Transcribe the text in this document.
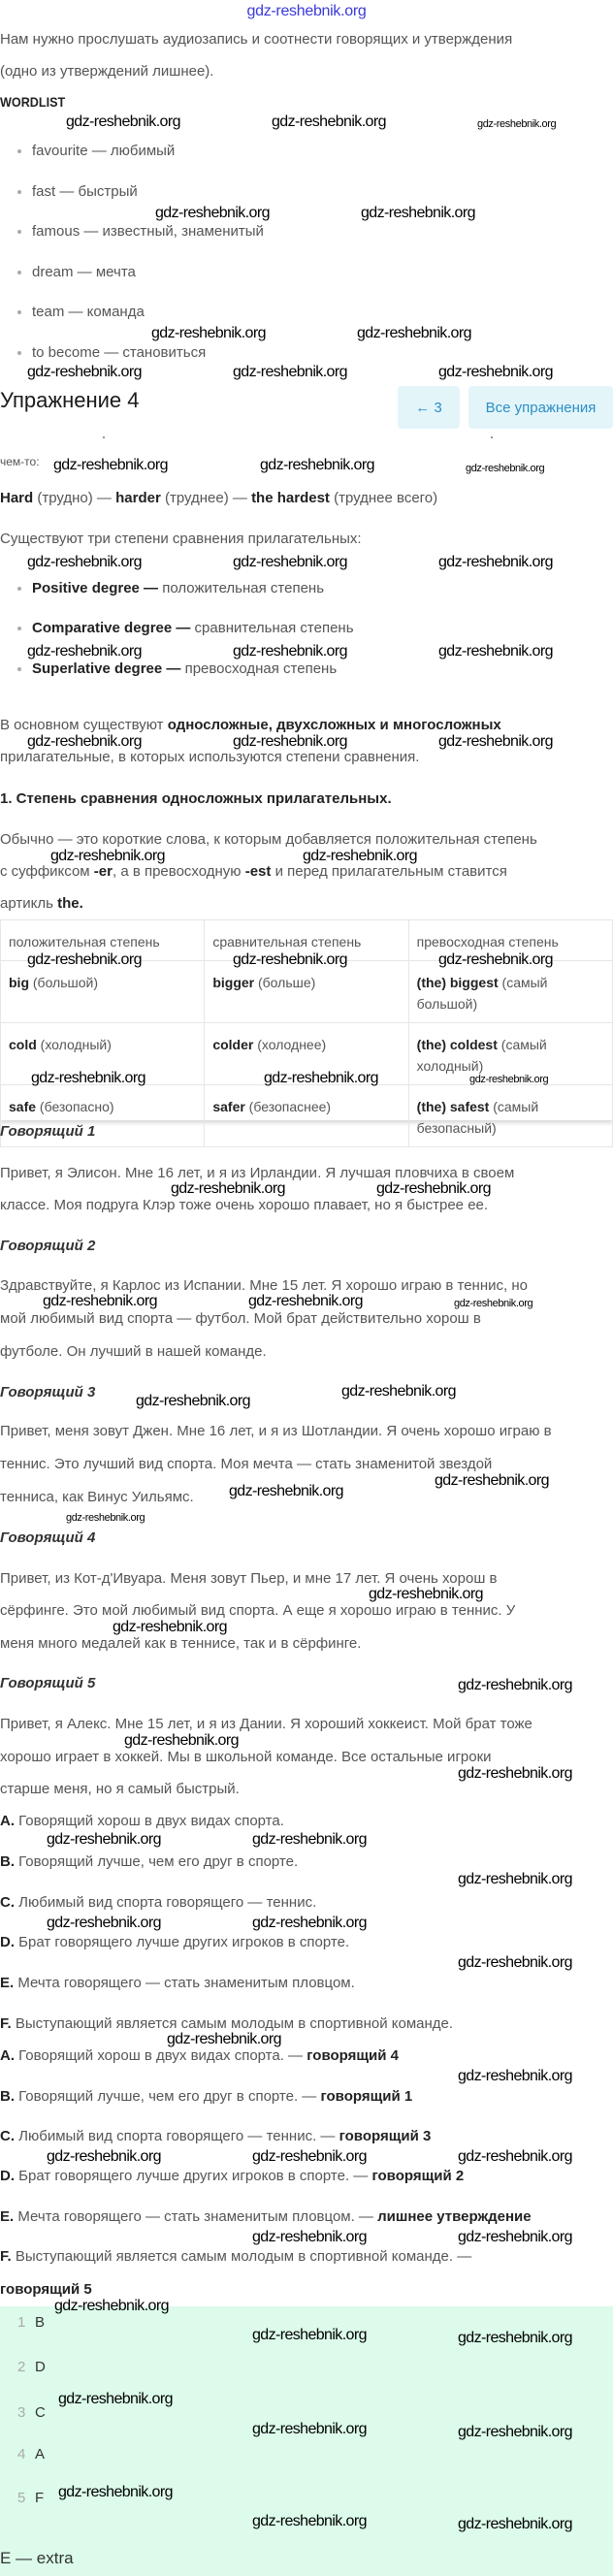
gdz-reshebnik.org
Нам нужно прослушать аудиозапись и соотнести говорящих и утверждения
(одно из утверждений лишнее).
WORDLIST
favourite — любимый
fast — быстрый
famous — известный, знаменитый
dream — мечта
team — команда
to become — становиться
Упражнение 4	← 3	Все упражнения
чем-то:
Hard (трудно) — harder (труднее) — the hardest (труднее всего)
Существуют три степени сравнения прилагательных:
Positive degree — положительная степень
Comparative degree — сравнительная степень
Superlative degree — превосходная степень
В основном существуют односложные, двухсложных и многосложных
прилагательные, в которых используются степени сравнения.
1. Степень сравнения односложных прилагательных.
Обычно — это короткие слова, к которым добавляется положительная степень
с суффиксом -er, а в превосходную -est и перед прилагательным ставится
артикль the.
положительная степень	сравнительная степень	превосходная степень
big (большой)	bigger (больше)	(the) biggest (самый большой)
cold (холодный)	colder (холоднее)	(the) coldest (самый холодный)
safe (безопасно)	safer (безопаснее)	(the) safest (самый безопасный)
Говорящий 1
Привет, я Элисон. Мне 16 лет, и я из Ирландии. Я лучшая пловчиха в своем
классе. Моя подруга Клэр тоже очень хорошо плавает, но я быстрее ее.
Говорящий 2
Здравствуйте, я Карлос из Испании. Мне 15 лет. Я хорошо играю в теннис, но
мой любимый вид спорта — футбол. Мой брат действительно хорош в
футболе. Он лучший в нашей команде.
Говорящий 3
Привет, меня зовут Джен. Мне 16 лет, и я из Шотландии. Я очень хорошо играю в
теннис. Это лучший вид спорта. Моя мечта — стать знаменитой звездой
тенниса, как Винус Уильямс.
Говорящий 4
Привет, из Кот-д'Ивуара. Меня зовут Пьер, и мне 17 лет. Я очень хорош в
сёрфинге. Это мой любимый вид спорта. А еще я хорошо играю в теннис. У
меня много медалей как в теннисе, так и в сёрфинге.
Говорящий 5
Привет, я Алекс. Мне 15 лет, и я из Дании. Я хороший хоккеист. Мой брат тоже
хорошо играет в хоккей. Мы в школьной команде. Все остальные игроки
старше меня, но я самый быстрый.
A. Говорящий хорош в двух видах спорта.
B. Говорящий лучше, чем его друг в спорте.
C. Любимый вид спорта говорящего — теннис.
D. Брат говорящего лучше других игроков в спорте.
E. Мечта говорящего — стать знаменитым пловцом.
F. Выступающий является самым молодым в спортивной команде.
A. Говорящий хорош в двух видах спорта. — говорящий 4
B. Говорящий лучше, чем его друг в спорте. — говорящий 1
C. Любимый вид спорта говорящего — теннис. — говорящий 3
D. Брат говорящего лучше других игроков в спорте. — говорящий 2
E. Мечта говорящего — стать знаменитым пловцом. — лишнее утверждение
F. Выступающий является самым молодым в спортивной команде. —
говорящий 5
1 B
2 D
3 C
4 A
5 F
E — extra
gdz-reshebnik.org	gdz-reshebnik.org	gdz-reshebnik.org
gdz-reshebnik.org	gdz-reshebnik.org
gdz-reshebnik.org	gdz-reshebnik.org
gdz-reshebnik.org	gdz-reshebnik.org	gdz-reshebnik.org
gdz-reshebnik.org	gdz-reshebnik.org	gdz-reshebnik.org
gdz-reshebnik.org	gdz-reshebnik.org	gdz-reshebnik.org
gdz-reshebnik.org	gdz-reshebnik.org	gdz-reshebnik.org
gdz-reshebnik.org	gdz-reshebnik.org	gdz-reshebnik.org
gdz-reshebnik.org	gdz-reshebnik.org
gdz-reshebnik.org	gdz-reshebnik.org	gdz-reshebnik.org
gdz-reshebnik.org	gdz-reshebnik.org	gdz-reshebnik.org
gdz-reshebnik.org	gdz-reshebnik.org
gdz-reshebnik.org	gdz-reshebnik.org	gdz-reshebnik.org
gdz-reshebnik.org
gdz-reshebnik.org
gdz-reshebnik.org
gdz-reshebnik.org
gdz-reshebnik.org
gdz-reshebnik.org
gdz-reshebnik.org
gdz-reshebnik.org
gdz-reshebnik.org
gdz-reshebnik.org
gdz-reshebnik.org	gdz-reshebnik.org
gdz-reshebnik.org
gdz-reshebnik.org	gdz-reshebnik.org
gdz-reshebnik.org
gdz-reshebnik.org
gdz-reshebnik.org
gdz-reshebnik.org	gdz-reshebnik.org	gdz-reshebnik.org
gdz-reshebnik.org	gdz-reshebnik.org
gdz-reshebnik.org
gdz-reshebnik.org	gdz-reshebnik.org
gdz-reshebnik.org
gdz-reshebnik.org	gdz-reshebnik.org
gdz-reshebnik.org
gdz-reshebnik.org	gdz-reshebnik.org
